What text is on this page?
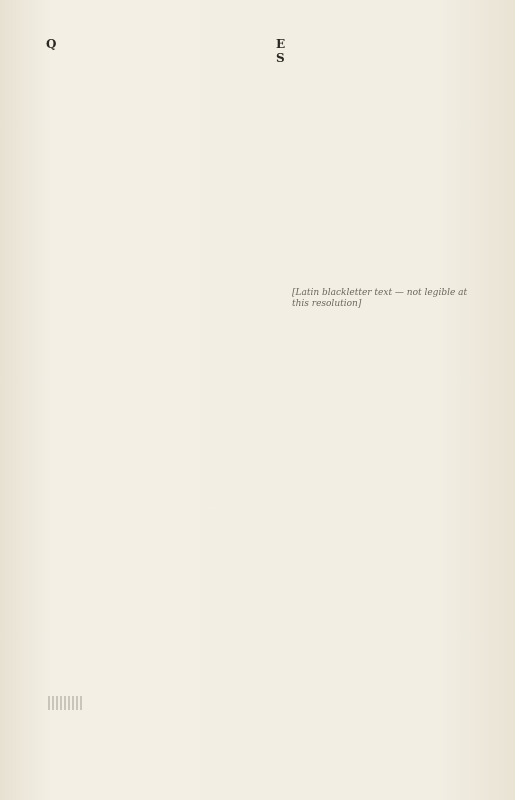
Q	E

S

[Latin blackletter text — not legible at this resolution]
